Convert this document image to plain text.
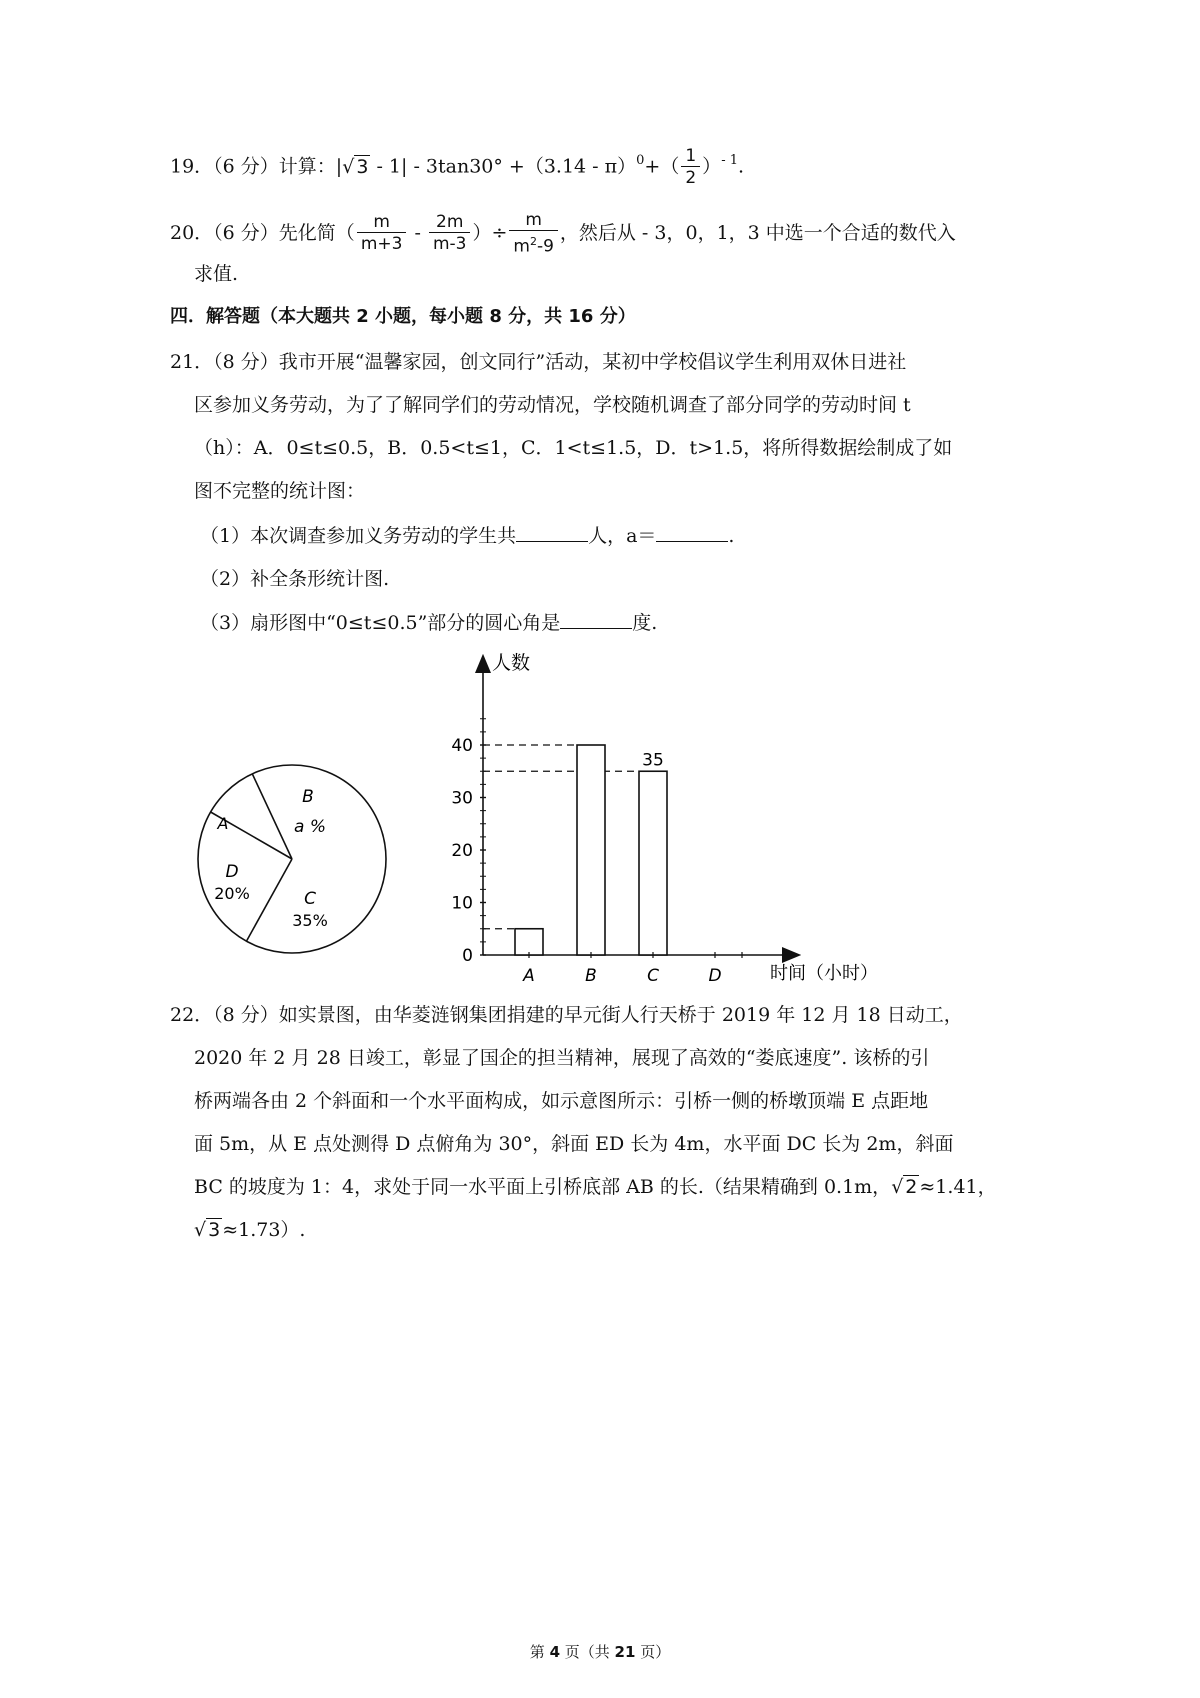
19．（6 分）计算：|√ $3 - 1| - 3\tan 30^\circ +(3.14 - \pi)^0+( \frac{1}{2} )^{- 1}$.
20．（6 分）先化简（ $\frac{m}{m+3} - \frac{2m}{m-3}$ ）÷ $\frac{m}{m^2-9}$ ，然后从 - 3，0，1，3 中选一个合适的数代入
求值.
四．解答题（本大题共 2 小题，每小题 8 分，共 16 分）
21．（8 分）我市开展“温馨家园，创文同行”活动，某初中学校倡议学生利用双休日进社
区参加义务劳动，为了了解同学们的劳动情况，学校随机调查了部分同学的劳动时间 t
（h）：A．0≤t≤0.5，B．0.5<t≤1，C．1<t≤1.5，D．t>1.5，将所得数据绘制成了如
图不完整的统计图：
（1）本次调查参加义务劳动的学生共	人，a＝	.
（2）补全条形统计图.
（3）扇形图中“0≤t≤0.5”部分的圆心角是	度.
B
a %
A
D
20%	C
35%
人数
时间（小时）
0
10
20
30
40
A	B	C
35
D
22．（8 分）如实景图，由华菱涟钢集团捐建的早元街人行天桥于 2019 年 12 月 18 日动工，
2020 年 2 月 28 日竣工，彰显了国企的担当精神，展现了高效的“娄底速度”. 该桥的引
桥两端各由 2 个斜面和一个水平面构成，如示意图所示：引桥一侧的桥墩顶端 E 点距地
面 5m，从 E 点处测得 D 点俯角为 30°，斜面 ED 长为 4m，水平面 DC 长为 2m，斜面
BC 的坡度为 1：4，求处于同一水平面上引桥底部 AB 的长.（结果精确到 0.1m，√ 2 ≈1.41，
√ 3 ≈1.73）.
第 4 页（共 21 页）
